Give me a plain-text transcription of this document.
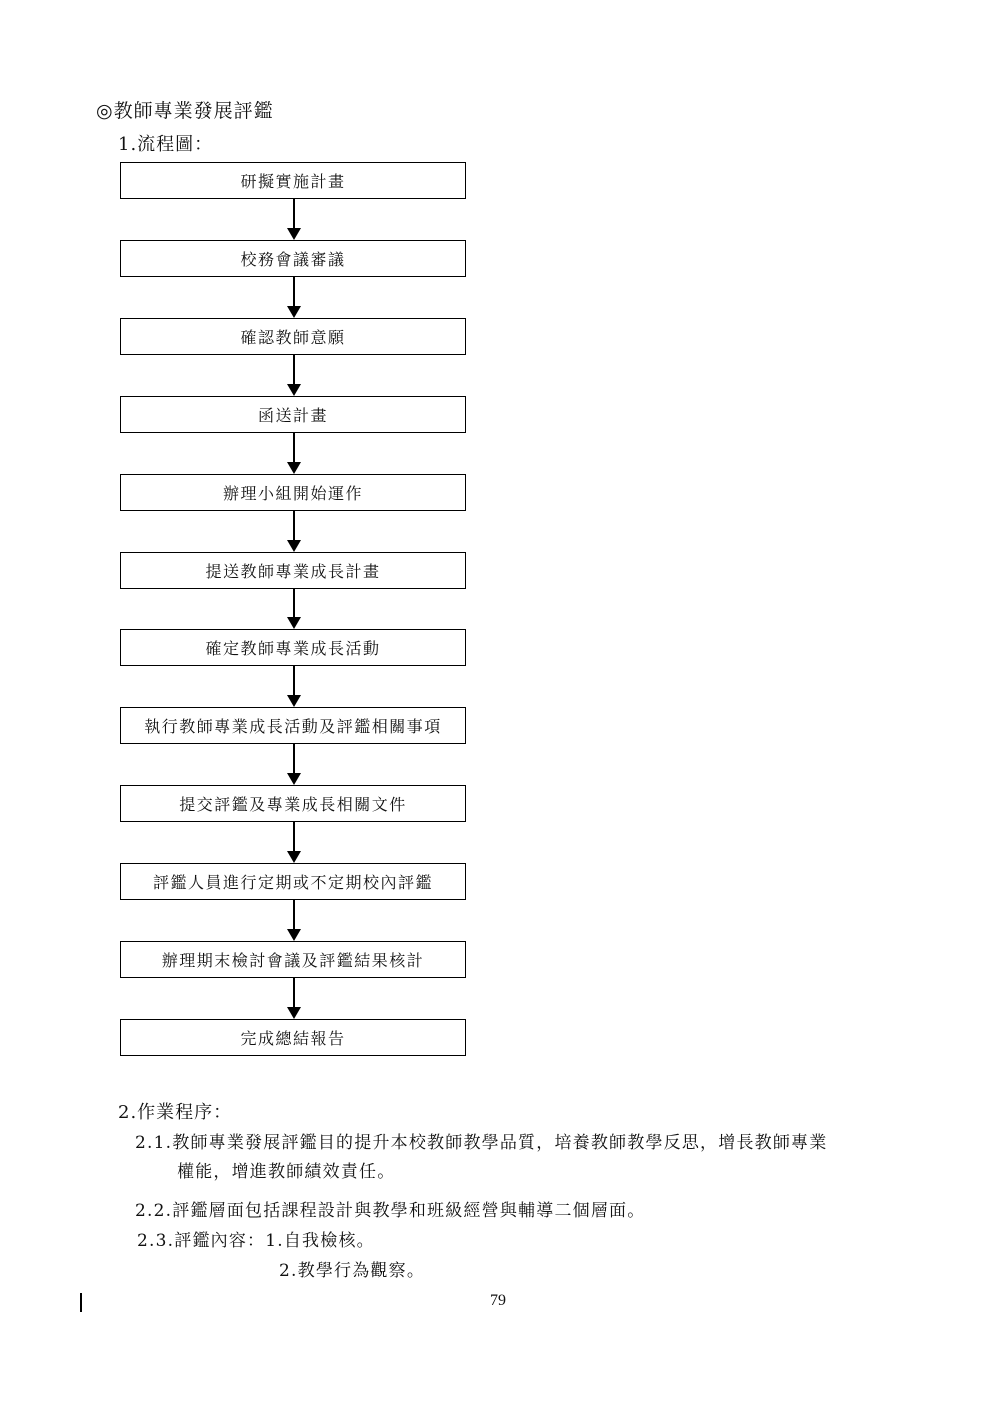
◎教師專業發展評鑑
1.流程圖：
研擬實施計畫
校務會議審議
確認教師意願
函送計畫
辦理小組開始運作
提送教師專業成長計畫
確定教師專業成長活動
執行教師專業成長活動及評鑑相關事項
提交評鑑及專業成長相關文件
評鑑人員進行定期或不定期校內評鑑
辦理期末檢討會議及評鑑結果核計
完成總結報告
2.作業程序：
2.1.教師專業發展評鑑目的提升本校教師教學品質，培養教師教學反思，增長教師專業
權能，增進教師績效責任。
2.2.評鑑層面包括課程設計與教學和班級經營與輔導二個層面。
2.3.評鑑內容：1.自我檢核。
2.教學行為觀察。
79
